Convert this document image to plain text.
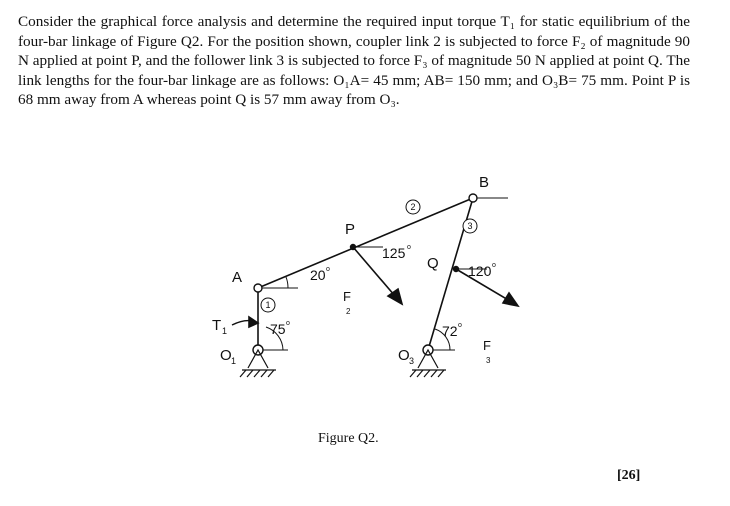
Consider the graphical force analysis and determine the required input torque T₁ for static equilibrium of the four-bar linkage of Figure Q2. For the position shown, coupler link 2 is subjected to force F₂ of magnitude 90 N applied at point P, and the follower link 3 is subjected to force F₃ of magnitude 50 N applied at point Q. The link lengths for the four-bar linkage are as follows: O₁A= 45 mm; AB= 150 mm; and O₃B= 75 mm. Point P is 68 mm away from A whereas point Q is 57 mm away from O₃.

1
2
3
A
B
P
Q
O 1	O 3
T 1
F
2
F
3
75 o
20 o
125 o
72 o
120 o
Figure Q2.
[26]
